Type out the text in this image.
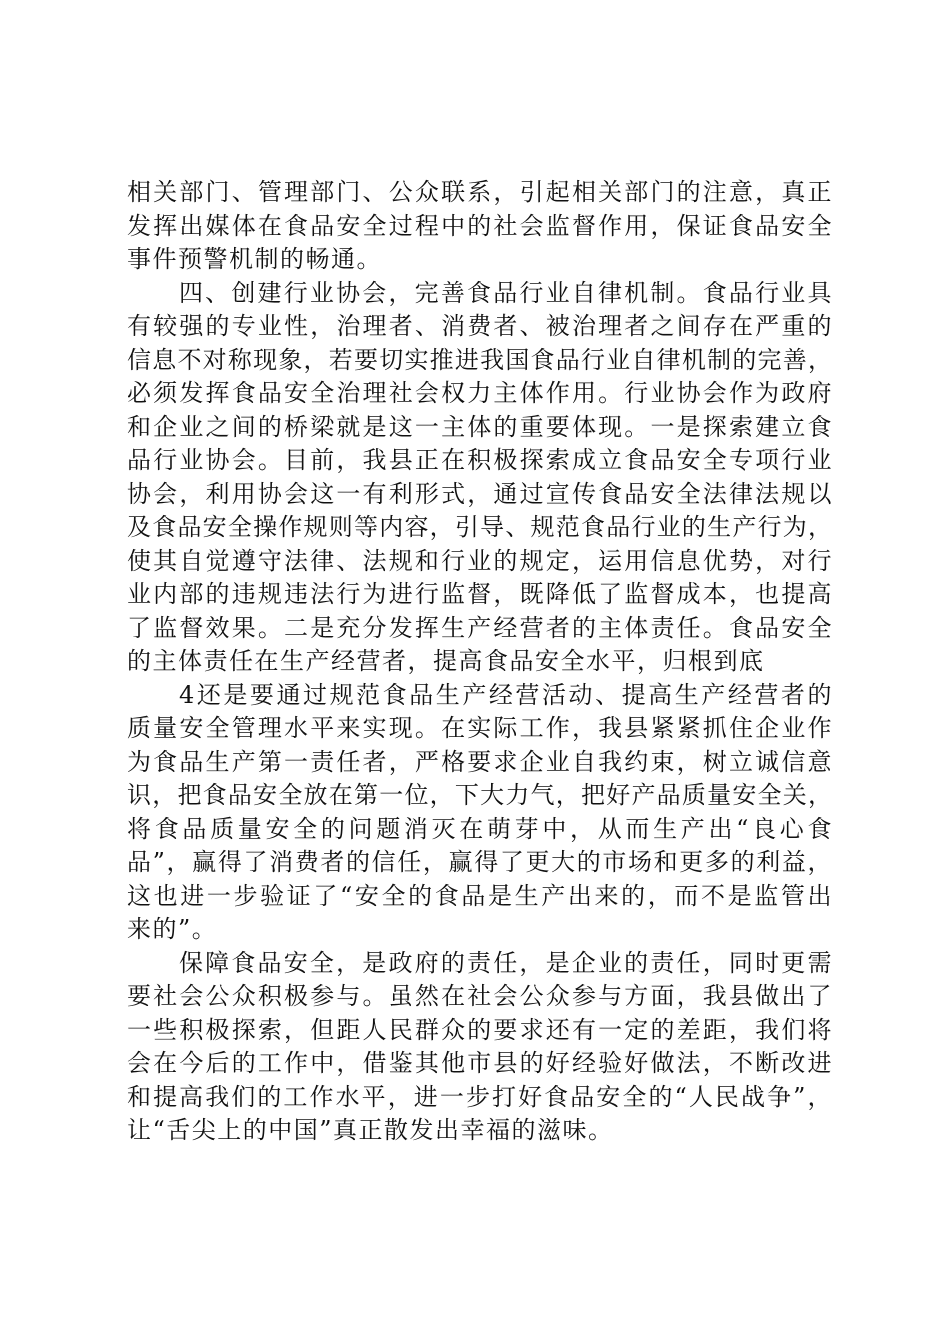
相关部门、管理部门、公众联系，引起相关部门的注意，真正
发挥出媒体在食品安全过程中的社会监督作用，保证食品安全
事件预警机制的畅通。
四、创建行业协会，完善食品行业自律机制。食品行业具
有较强的专业性，治理者、消费者、被治理者之间存在严重的
信息不对称现象，若要切实推进我国食品行业自律机制的完善，
必须发挥食品安全治理社会权力主体作用。行业协会作为政府
和企业之间的桥梁就是这一主体的重要体现。一是探索建立食
品行业协会。目前，我县正在积极探索成立食品安全专项行业
协会，利用协会这一有利形式，通过宣传食品安全法律法规以
及食品安全操作规则等内容，引导、规范食品行业的生产行为，
使其自觉遵守法律、法规和行业的规定，运用信息优势，对行
业内部的违规违法行为进行监督，既降低了监督成本，也提高
了监督效果。二是充分发挥生产经营者的主体责任。食品安全
的主体责任在生产经营者，提高食品安全水平，归根到底
4还是要通过规范食品生产经营活动、提高生产经营者的
质量安全管理水平来实现。在实际工作，我县紧紧抓住企业作
为食品生产第一责任者，严格要求企业自我约束，树立诚信意
识，把食品安全放在第一位，下大力气，把好产品质量安全关，
将食品质量安全的问题消灭在萌芽中，从而生产出“良心食
品”，赢得了消费者的信任，赢得了更大的市场和更多的利益，
这也进一步验证了“安全的食品是生产出来的，而不是监管出
来的”。
保障食品安全，是政府的责任，是企业的责任，同时更需
要社会公众积极参与。虽然在社会公众参与方面，我县做出了
一些积极探索，但距人民群众的要求还有一定的差距，我们将
会在今后的工作中，借鉴其他市县的好经验好做法，不断改进
和提高我们的工作水平，进一步打好食品安全的“人民战争”，
让“舌尖上的中国”真正散发出幸福的滋味。
